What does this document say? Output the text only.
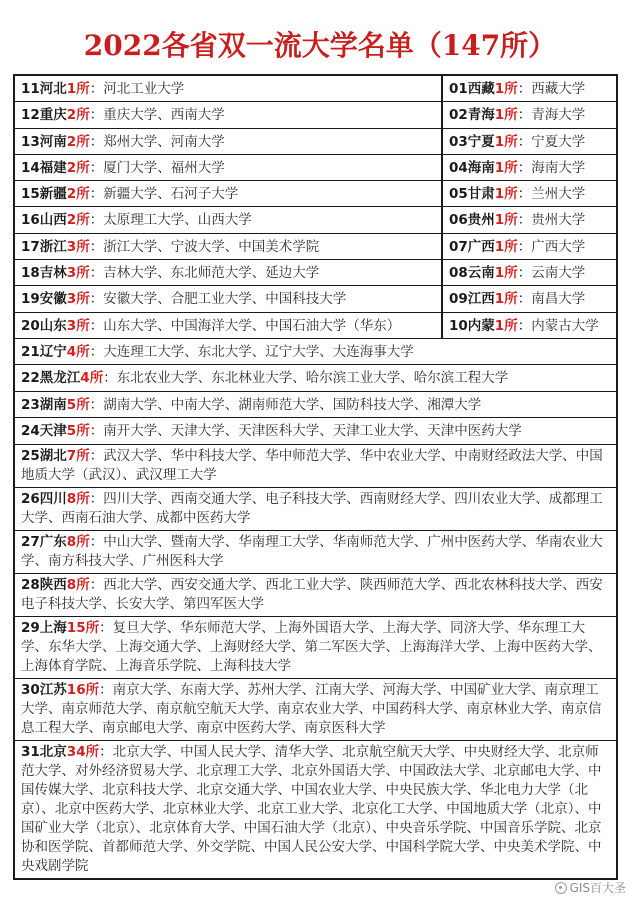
2022各省双一流大学名单（147所）
11河北1所：河北工业大学	01西藏1所：西藏大学
12重庆2所：重庆大学、西南大学	02青海1所：青海大学
13河南2所：郑州大学、河南大学	03宁夏1所：宁夏大学
14福建2所：厦门大学、福州大学	04海南1所：海南大学
15新疆2所：新疆大学、石河子大学	05甘肃1所：兰州大学
16山西2所：太原理工大学、山西大学	06贵州1所：贵州大学
17浙江3所：浙江大学、宁波大学、中国美术学院	07广西1所：广西大学
18吉林3所：吉林大学、东北师范大学、延边大学	08云南1所：云南大学
19安徽3所：安徽大学、合肥工业大学、中国科技大学	09江西1所：南昌大学
20山东3所：山东大学、中国海洋大学、中国石油大学（华东）	10内蒙1所：内蒙古大学
21辽宁4所：大连理工大学、东北大学、辽宁大学、大连海事大学
22黑龙江4所：东北农业大学、东北林业大学、哈尔滨工业大学、哈尔滨工程大学
23湖南5所：湖南大学、中南大学、湖南师范大学、国防科技大学、湘潭大学
24天津5所：南开大学、天津大学、天津医科大学、天津工业大学、天津中医药大学
25湖北7所：武汉大学、华中科技大学、华中师范大学、华中农业大学、中南财经政法大学、中国地质大学（武汉）、武汉理工大学
26四川8所：四川大学、西南交通大学、电子科技大学、西南财经大学、四川农业大学、成都理工大学、西南石油大学、成都中医药大学
27广东8所：中山大学、暨南大学、华南理工大学、华南师范大学、广州中医药大学、华南农业大学、南方科技大学、广州医科大学
28陕西8所：西北大学、西安交通大学、西北工业大学、陕西师范大学、西北农林科技大学、西安电子科技大学、长安大学、第四军医大学
29上海15所：复旦大学、华东师范大学、上海外国语大学、上海大学、同济大学、华东理工大学、东华大学、上海交通大学、上海财经大学、第二军医大学、上海海洋大学、上海中医药大学、上海体育学院、上海音乐学院、上海科技大学
30江苏16所：南京大学、东南大学、苏州大学、江南大学、河海大学、中国矿业大学、南京理工大学、南京师范大学、南京航空航天大学、南京农业大学、中国药科大学、南京林业大学、南京信息工程大学、南京邮电大学、南京中医药大学、南京医科大学
31北京34所：北京大学、中国人民大学、清华大学、北京航空航天大学、中央财经大学、北京师范大学、对外经济贸易大学、北京理工大学、北京外国语大学、中国政法大学、北京邮电大学、中国传媒大学、北京科技大学、北京交通大学、中国农业大学、中央民族大学、华北电力大学（北京）、北京中医药大学、北京林业大学、北京工业大学、北京化工大学、中国地质大学（北京）、中国矿业大学（北京）、北京体育大学、中国石油大学（北京）、中央音乐学院、中国音乐学院、北京协和医学院、首都师范大学、外交学院、中国人民公安大学、中国科学院大学、中央美术学院、中央戏剧学院
GIS百大圣
